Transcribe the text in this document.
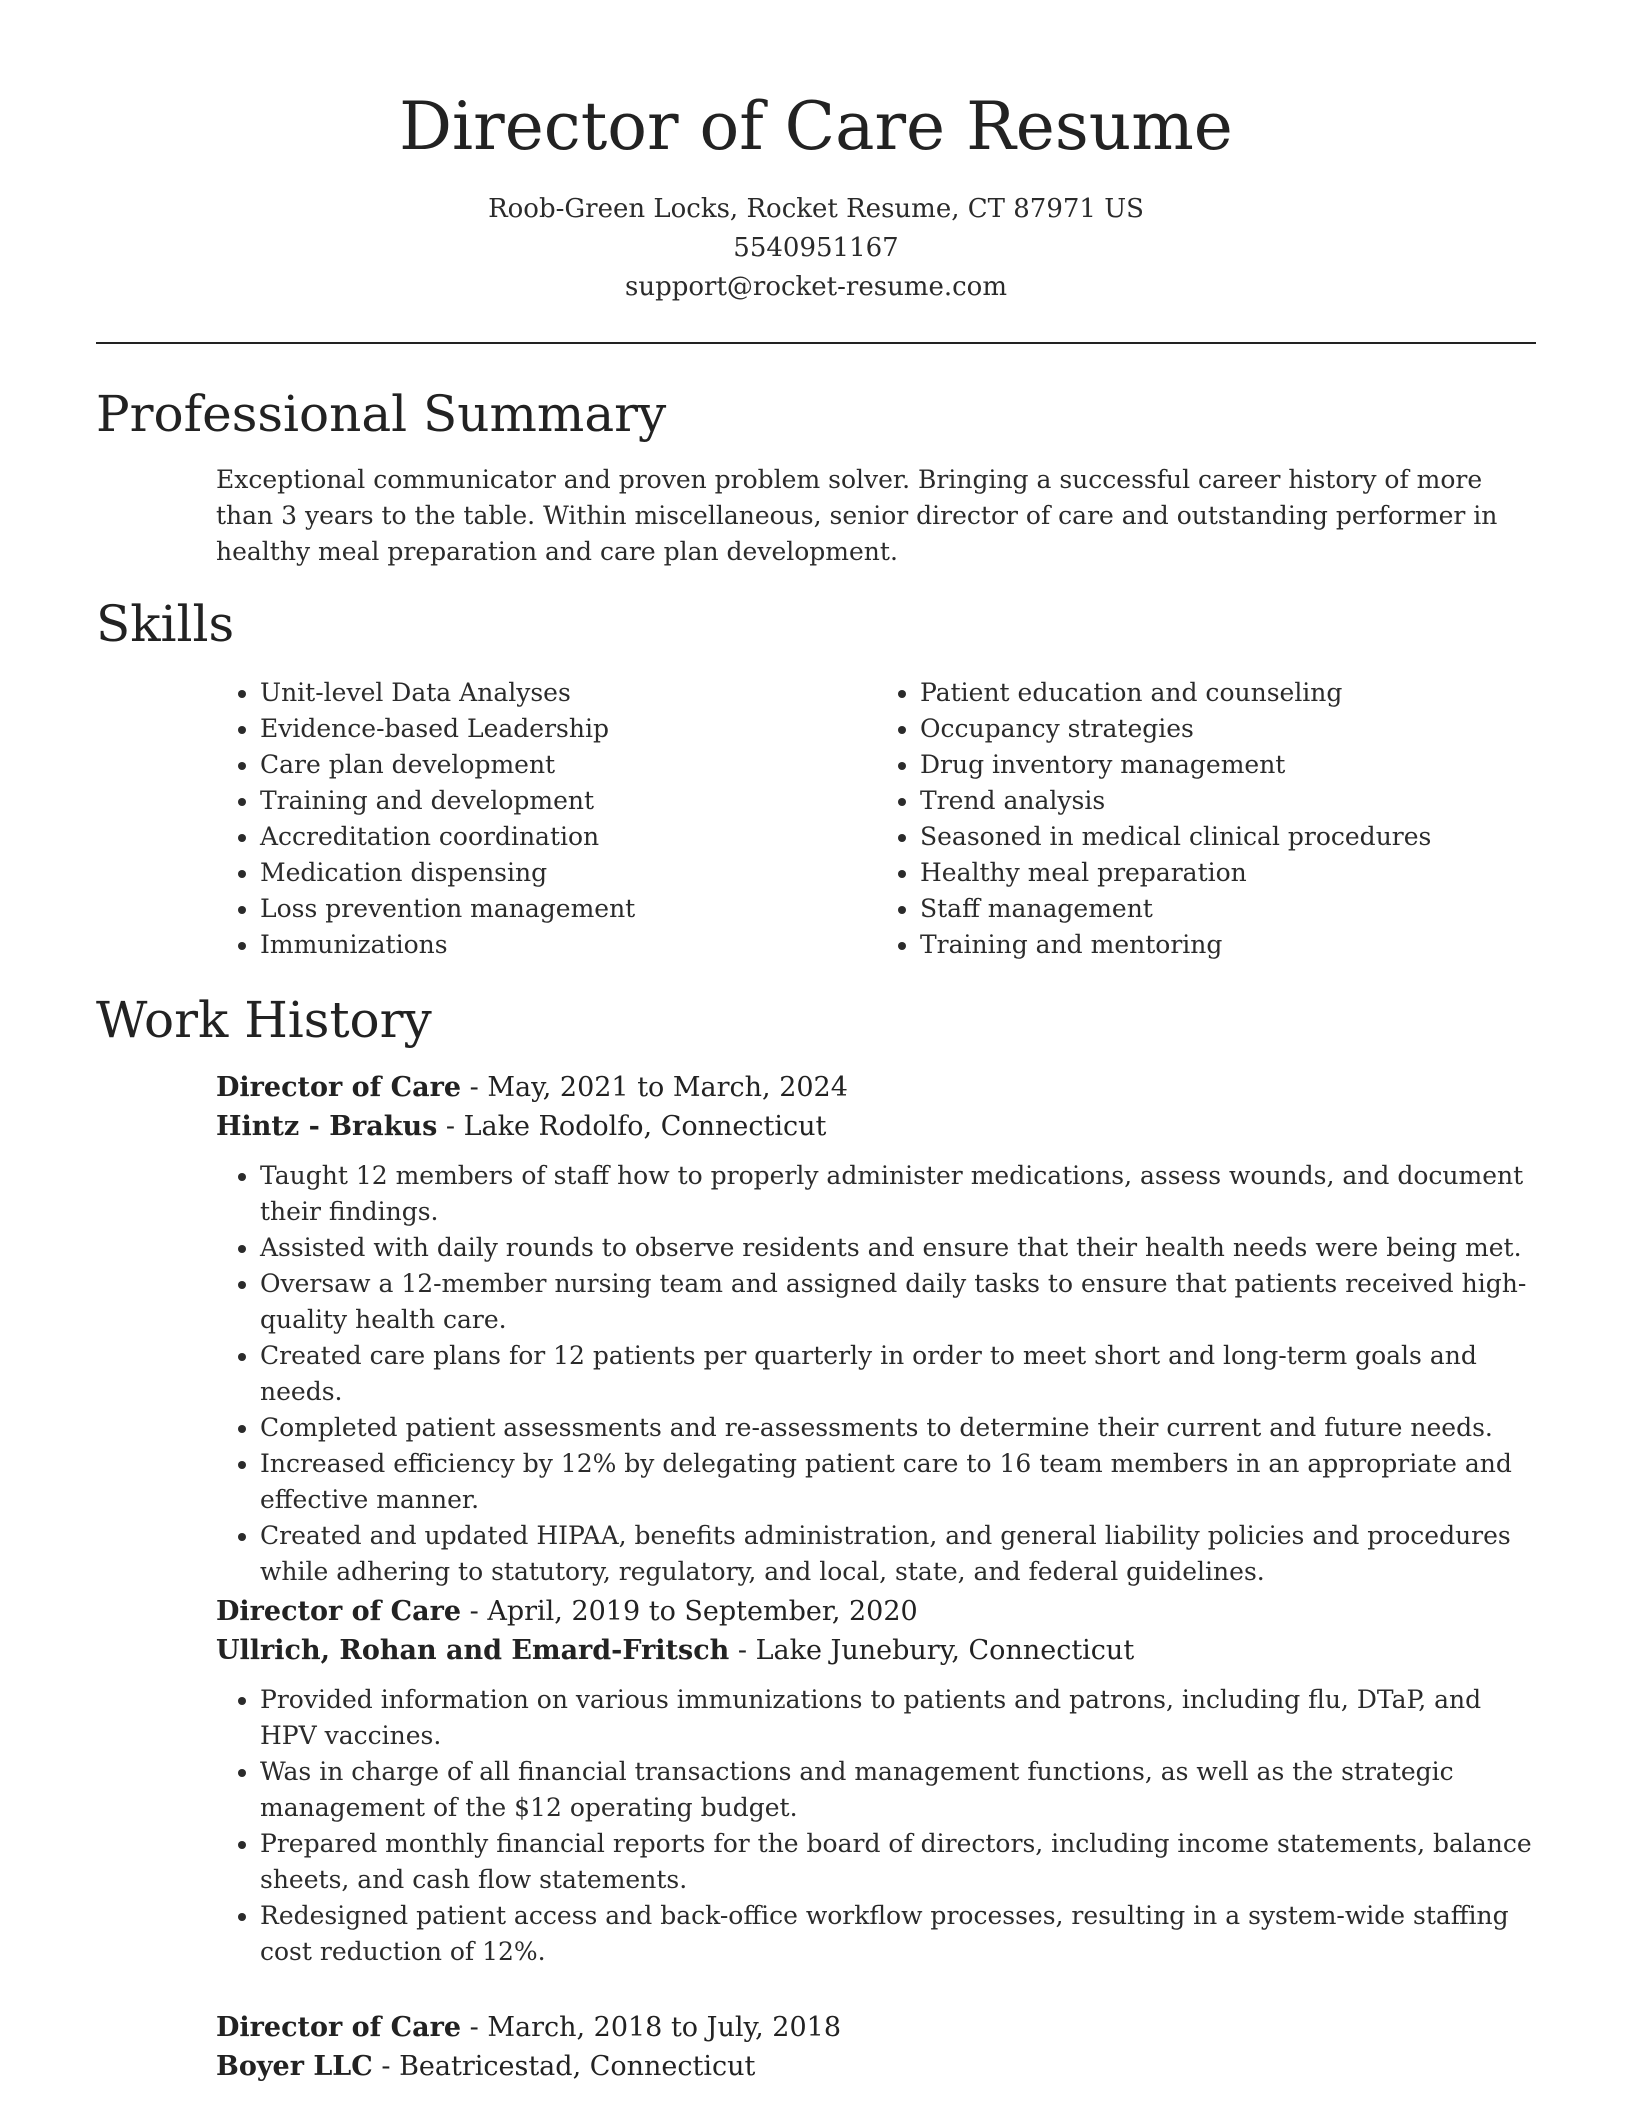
Director of Care Resume
Roob-Green Locks, Rocket Resume, CT 87971 US
5540951167
support@rocket-resume.com
Professional Summary

Exceptional communicator and proven problem solver. Bringing a successful career history of more than 3 years to the table. Within miscellaneous, senior director of care and outstanding performer in healthy meal preparation and care plan development.

Skills
• Unit-level Data Analyses
• Evidence-based Leadership
• Care plan development
• Training and development
• Accreditation coordination
• Medication dispensing
• Loss prevention management
• Immunizations
• Patient education and counseling
• Occupancy strategies
• Drug inventory management
• Trend analysis
• Seasoned in medical clinical procedures
• Healthy meal preparation
• Staff management
• Training and mentoring
Work History
Director of Care - May, 2021 to March, 2024
Hintz - Brakus - Lake Rodolfo, Connecticut
• Taught 12 members of staff how to properly administer medications, assess wounds, and document their findings.
• Assisted with daily rounds to observe residents and ensure that their health needs were being met.
• Oversaw a 12-member nursing team and assigned daily tasks to ensure that patients received high-quality health care.
• Created care plans for 12 patients per quarterly in order to meet short and long-term goals and needs.
• Completed patient assessments and re-assessments to determine their current and future needs.
• Increased efficiency by 12% by delegating patient care to 16 team members in an appropriate and effective manner.
• Created and updated HIPAA, benefits administration, and general liability policies and procedures while adhering to statutory, regulatory, and local, state, and federal guidelines.
Director of Care - April, 2019 to September, 2020
Ullrich, Rohan and Emard-Fritsch - Lake Junebury, Connecticut
• Provided information on various immunizations to patients and patrons, including flu, DTaP, and HPV vaccines.
• Was in charge of all financial transactions and management functions, as well as the strategic management of the $12 operating budget.
• Prepared monthly financial reports for the board of directors, including income statements, balance sheets, and cash flow statements.
• Redesigned patient access and back-office workflow processes, resulting in a system-wide staffing cost reduction of 12%.
Director of Care - March, 2018 to July, 2018
Boyer LLC - Beatricestad, Connecticut
